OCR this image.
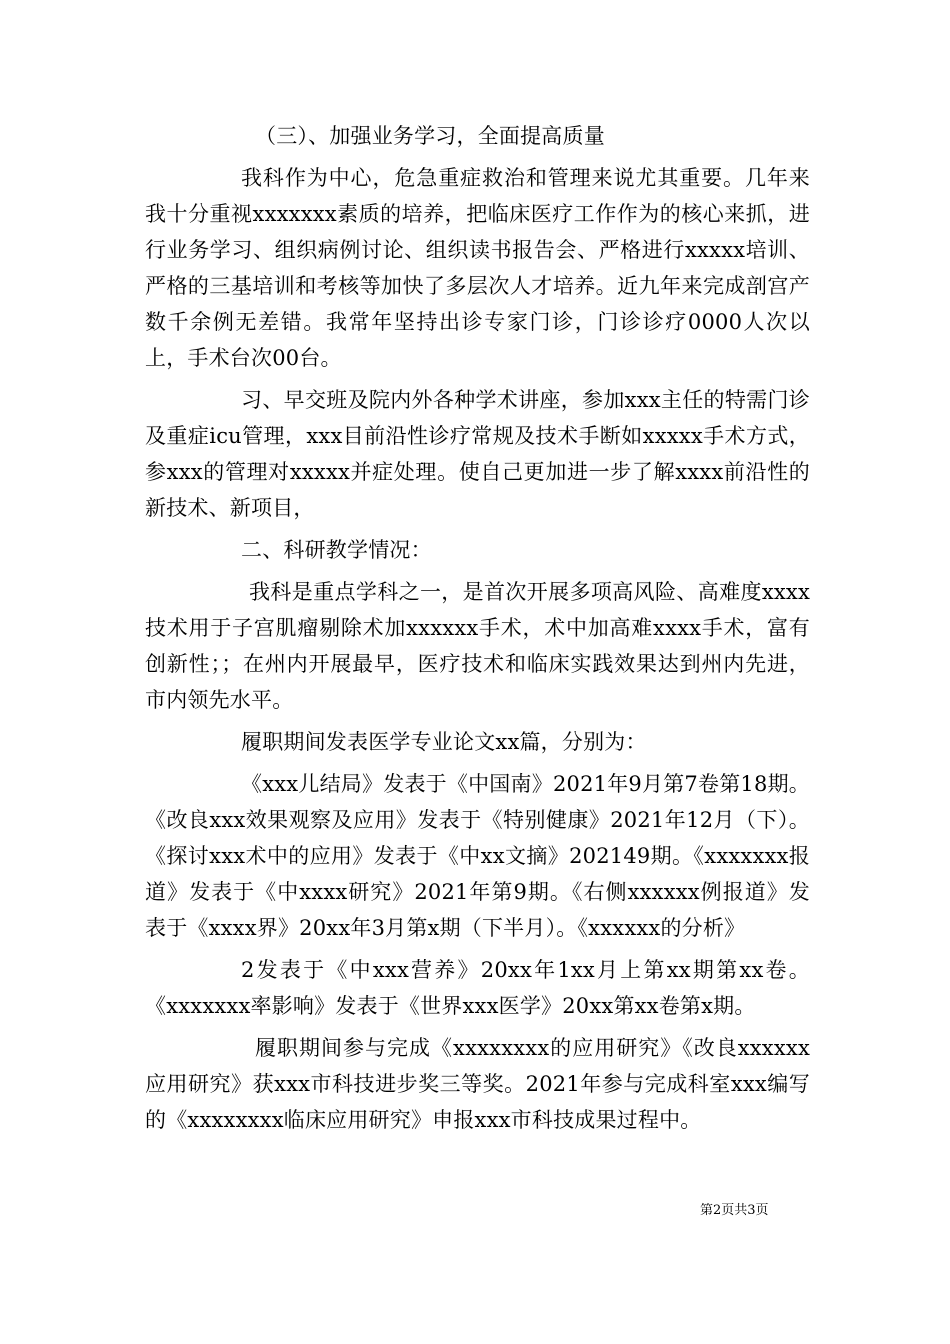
（三）、加强业务学习，全面提高质量

我科作为中心，危急重症救治和管理来说尤其重要。几年来我十分重视xxxxxxx素质的培养，把临床医疗工作作为的核心来抓，进行业务学习、组织病例讨论、组织读书报告会、严格进行xxxxx培训、严格的三基培训和考核等加快了多层次人才培养。近九年来完成剖宫产数千余例无差错。我常年坚持出诊专家门诊，门诊诊疗0000人次以上，手术台次00台。

习、早交班及院内外各种学术讲座，参加xxx主任的特需门诊及重症icu管理，xxx目前沿性诊疗常规及技术手断如xxxxx手术方式，参xxx的管理对xxxxx并症处理。使自己更加进一步了解xxxx前沿性的新技术、新项目，

二、科研教学情况：

我科是重点学科之一，是首次开展多项高风险、高难度xxxx技术用于子宫肌瘤剔除术加xxxxxx手术，术中加高难xxxx手术，富有创新性；；在州内开展最早，医疗技术和临床实践效果达到州内先进，市内领先水平。

履职期间发表医学专业论文xx篇，分别为：

《xxx儿结局》发表于《中国南》2021年9月第7卷第18期。《改良xxx效果观察及应用》发表于《特别健康》2021年12月（下）。《探讨xxx术中的应用》发表于《中xx文摘》202149期。《xxxxxxx报道》发表于《中xxxx研究》2021年第9期。《右侧xxxxxx例报道》发表于《xxxx界》20xx年3月第x期（下半月）。《xxxxxx的分析》

2发表于《中xxx营养》20xx年1xx月上第xx期第xx卷。《xxxxxxx率影响》发表于《世界xxx医学》20xx第xx卷第x期。

履职期间参与完成《xxxxxxxx的应用研究》《改良xxxxxx应用研究》获xxx市科技进步奖三等奖。2021年参与完成科室xxx编写的《xxxxxxxx临床应用研究》申报xxx市科技成果过程中。

第2页共3页
